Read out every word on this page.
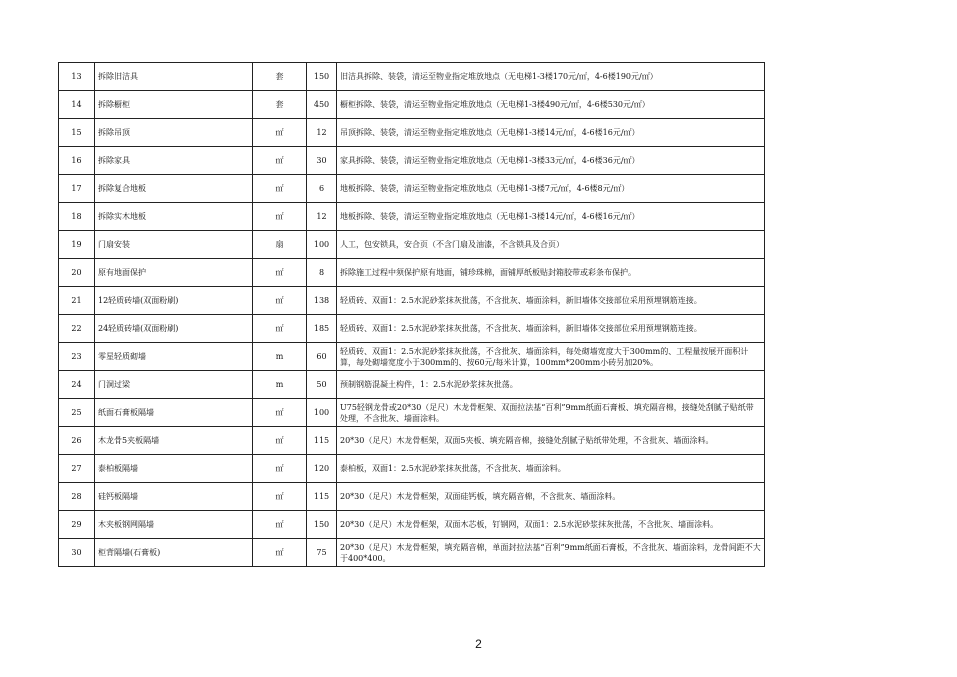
13	拆除旧洁具	套	150	旧洁具拆除、装袋，清运至物业指定堆放地点（无电梯1-3楼170元/㎡，4-6楼190元/㎡）
14	拆除橱柜	套	450	橱柜拆除、装袋，清运至物业指定堆放地点（无电梯1-3楼490元/㎡，4-6楼530元/㎡）
15	拆除吊顶	㎡	12	吊顶拆除、装袋，清运至物业指定堆放地点（无电梯1-3楼14元/㎡，4-6楼16元/㎡）
16	拆除家具	㎡	30	家具拆除、装袋，清运至物业指定堆放地点（无电梯1-3楼33元/㎡，4-6楼36元/㎡）
17	拆除复合地板	㎡	6	地板拆除、装袋，清运至物业指定堆放地点（无电梯1-3楼7元/㎡，4-6楼8元/㎡）
18	拆除实木地板	㎡	12	地板拆除、装袋，清运至物业指定堆放地点（无电梯1-3楼14元/㎡，4-6楼16元/㎡）
19	门扇安装	扇	100	人工，包安锁具，安合页（不含门扇及油漆，不含锁具及合页）
20	原有地面保护	㎡	8	拆除施工过程中须保护原有地面，铺珍珠棉，面铺厚纸板贴封箱胶带或彩条布保护。
21	12轻质砖墙(双面粉刷)	㎡	138	轻质砖、双面1：2.5水泥砂浆抹灰批荡，不含批灰、墙面涂料，新旧墙体交接部位采用预埋钢筋连接。
22	24轻质砖墙(双面粉刷)	㎡	185	轻质砖、双面1：2.5水泥砂浆抹灰批荡，不含批灰、墙面涂料，新旧墙体交接部位采用预埋钢筋连接。
23	零星轻质砌墙	m	60	轻质砖、双面1：2.5水泥砂浆抹灰批荡，不含批灰、墙面涂料，每处砌墙宽度大于300mm的、工程量按展开面积计算，每处砌墙宽度小于300mm的、按60元/每米计算，100mm*200mm小砖另加20%。
24	门洞过梁	m	50	预制钢筋混凝土构件，1：2.5水泥砂浆抹灰批荡。
25	纸面石膏板隔墙	㎡	100	U75轻钢龙骨或20*30（足尺）木龙骨框架、双面拉法基“百利”9mm纸面石膏板、填充隔音棉，接缝处刮腻子贴纸带处理，不含批灰、墙面涂料。
26	木龙骨5夹板隔墙	㎡	115	20*30（足尺）木龙骨框架，双面5夹板、填充隔音棉，接缝处刮腻子贴纸带处理，不含批灰、墙面涂料。
27	泰柏板隔墙	㎡	120	泰柏板，双面1：2.5水泥砂浆抹灰批荡，不含批灰、墙面涂料。
28	硅钙板隔墙	㎡	115	20*30（足尺）木龙骨框架，双面硅钙板，填充隔音棉，不含批灰、墙面涂料。
29	木夹板钢网隔墙	㎡	150	20*30（足尺）木龙骨框架，双面木芯板，钉钢网，双面1：2.5水泥砂浆抹灰批荡，不含批灰、墙面涂料。
30	柜背隔墙(石膏板)	㎡	75	20*30（足尺）木龙骨框架，填充隔音棉，单面封拉法基“百利”9mm纸面石膏板，不含批灰、墙面涂料，龙骨间距不大于400*400。
2
